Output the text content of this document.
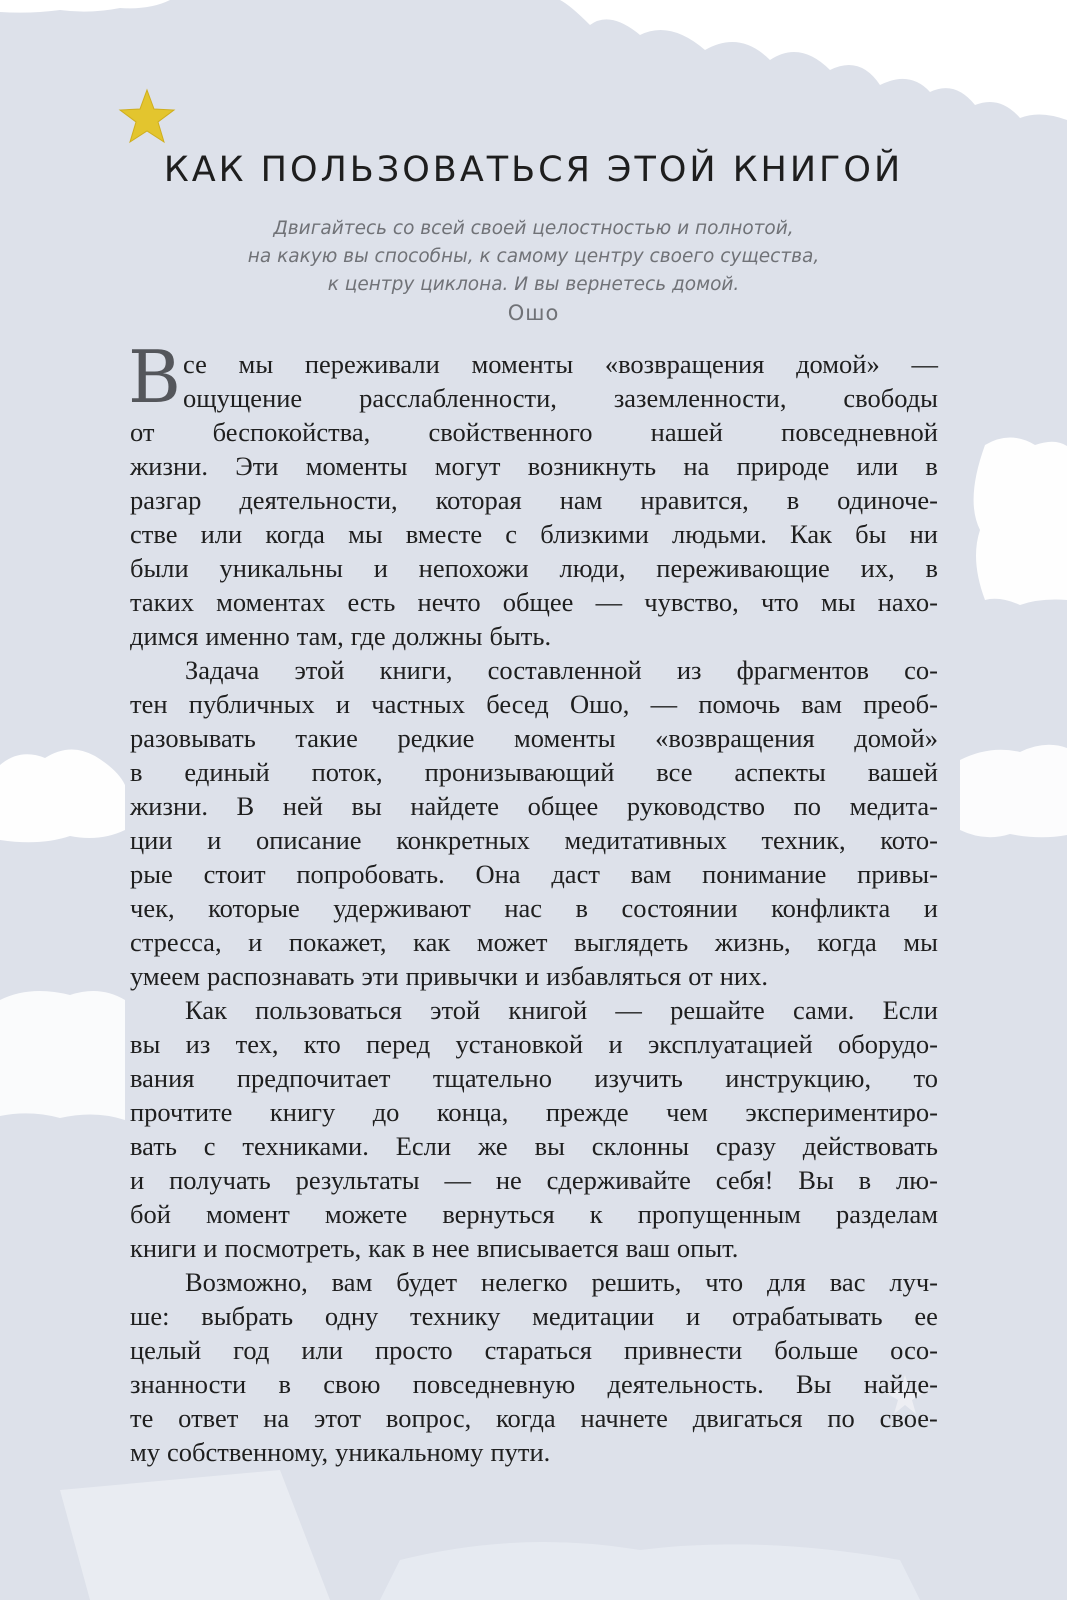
КАК ПОЛЬЗОВАТЬСЯ ЭТОЙ КНИГОЙ
Двигайтесь со всей своей целостностью и полнотой,
на какую вы способны, к самому центру своего существа,
к центру циклона. И вы вернетесь домой.
Ошо
В се мы переживали моменты «возвращения домой» —
ощущение расслабленности, заземленности, свободы
от беспокойства, свойственного нашей повседневной
жизни. Эти моменты могут возникнуть на природе или в
разгар деятельности, которая нам нравится, в одиноче-
стве или когда мы вместе с близкими людьми. Как бы ни
были уникальны и непохожи люди, переживающие их, в
таких моментах есть нечто общее — чувство, что мы нахо-
димся именно там, где должны быть.
Задача этой книги, составленной из фрагментов со-
тен публичных и частных бесед Ошо, — помочь вам преоб-
разовывать такие редкие моменты «возвращения домой»
в единый поток, пронизывающий все аспекты вашей
жизни. В ней вы найдете общее руководство по медита-
ции и описание конкретных медитативных техник, кото-
рые стоит попробовать. Она даст вам понимание привы-
чек, которые удерживают нас в состоянии конфликта и
стресса, и покажет, как может выглядеть жизнь, когда мы
умеем распознавать эти привычки и избавляться от них.
Как пользоваться этой книгой — решайте сами. Если
вы из тех, кто перед установкой и эксплуатацией оборудо-
вания предпочитает тщательно изучить инструкцию, то
прочтите книгу до конца, прежде чем экспериментиро-
вать с техниками. Если же вы склонны сразу действовать
и получать результаты — не сдерживайте себя! Вы в лю-
бой момент можете вернуться к пропущенным разделам
книги и посмотреть, как в нее вписывается ваш опыт.
Возможно, вам будет нелегко решить, что для вас луч-
ше: выбрать одну технику медитации и отрабатывать ее
целый год или просто стараться привнести больше осо-
знанности в свою повседневную деятельность. Вы найде-
те ответ на этот вопрос, когда начнете двигаться по свое-
му собственному, уникальному пути.
